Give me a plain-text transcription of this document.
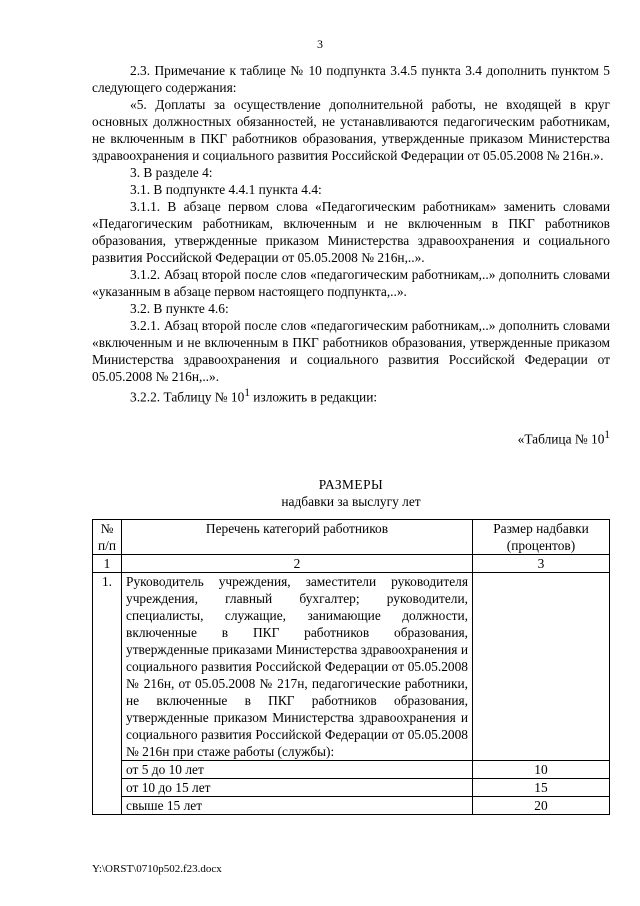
3

2.3. Примечание к таблице № 10 подпункта 3.4.5 пункта 3.4 дополнить пунктом 5 следующего содержания:

«5. Доплаты за осуществление дополнительной работы, не входящей в круг основных должностных обязанностей, не устанавливаются педагогическим работникам, не включенным в ПКГ работников образования, утвержденные приказом Министерства здравоохранения и социального развития Российской Федерации от 05.05.2008 № 216н.».

3. В разделе 4:

3.1. В подпункте 4.4.1 пункта 4.4:

3.1.1. В абзаце первом слова «Педагогическим работникам» заменить словами «Педагогическим работникам, включенным и не включенным в ПКГ работников образования, утвержденные приказом Министерства здравоохранения и социального развития Российской Федерации от 05.05.2008 № 216н,..».

3.1.2. Абзац второй после слов «педагогическим работникам,..» дополнить словами «указанным в абзаце первом настоящего подпункта,..».

3.2. В пункте 4.6:

3.2.1. Абзац второй после слов «педагогическим работникам,..» дополнить словами «включенным и не включенным в ПКГ работников образования, утвержденные приказом Министерства здравоохранения и социального развития Российской Федерации от 05.05.2008 № 216н,..».

3.2.2. Таблицу № $10^1$ изложить в редакции:

«Таблица № $10^1$

РАЗМЕРЫ

надбавки за выслугу лет

№ п/п	Перечень категорий работников	Размер надбавки (процентов)
1	2	3
1.	Руководитель учреждения, заместители руководителя учреждения, главный бухгалтер; руководители, специалисты, служащие, занимающие должности, включенные в ПКГ работников образования, утвержденные приказами Министерства здравоохранения и социального развития Российской Федерации от 05.05.2008 № 216н, от 05.05.2008 № 217н, педагогические работники, не включенные в ПКГ работников образования, утвержденные приказом Министерства здравоохранения и социального развития Российской Федерации от 05.05.2008 № 216н при стаже работы (службы):	
	от 5 до 10 лет	10
	от 10 до 15 лет	15
	свыше 15 лет	20
Y:\ORST\0710p502.f23.docx
